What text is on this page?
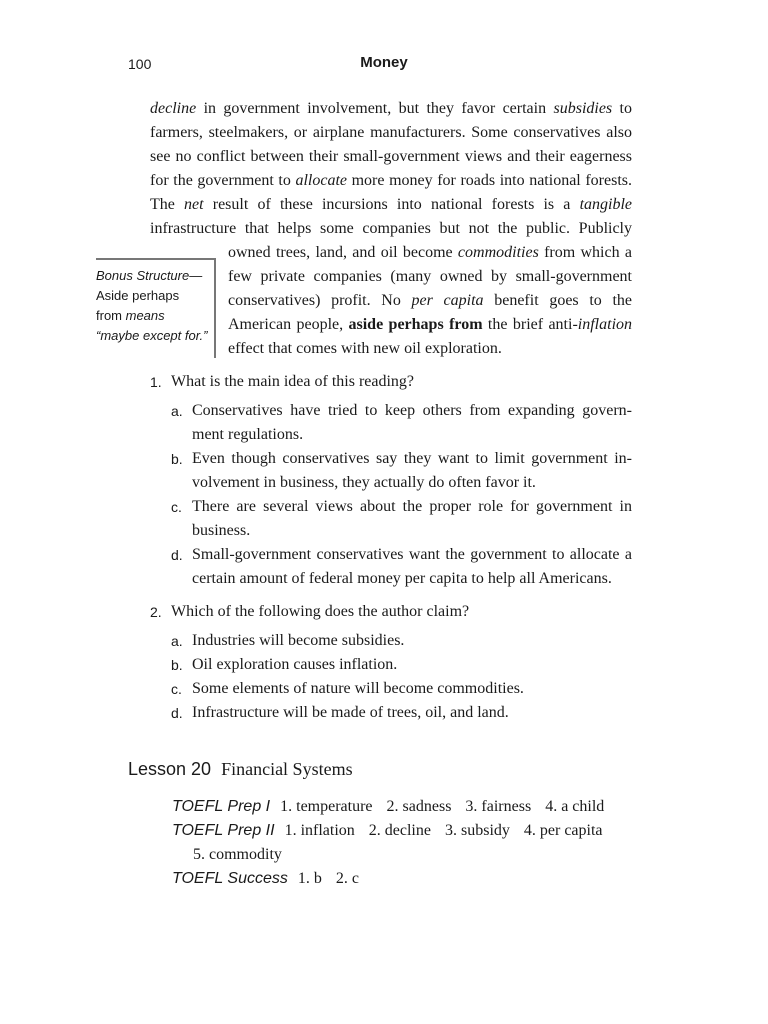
100	Money
decline in government involvement, but they favor certain subsidies to
farmers, steelmakers, or airplane manufacturers. Some conservatives also
see no conflict between their small-government views and their eagerness
for the government to allocate more money for roads into national forests.
The net result of these incursions into national forests is a tangible
infrastructure that helps some companies but not the public. Publicly
owned trees, land, and oil become commodities from which a
few private companies (many owned by small-government
conservatives) profit. No per capita benefit goes to the
American people, aside perhaps from the brief anti-inflation
effect that comes with new oil exploration.
Bonus Structure—
Aside perhaps
from means
“maybe except for.”
1. What is the main idea of this reading?
a. Conservatives have tried to keep others from expanding govern-ment regulations.
b. Even though conservatives say they want to limit government in-volvement in business, they actually do often favor it.
c. There are several views about the proper role for government in business.
d. Small-government conservatives want the government to allocate a certain amount of federal money per capita to help all Americans.
2. Which of the following does the author claim?
a. Industries will become subsidies.
b. Oil exploration causes inflation.
c. Some elements of nature will become commodities.
d. Infrastructure will be made of trees, oil, and land.
Lesson 20 Financial Systems
TOEFL Prep I 1. temperature 2. sadness 3. fairness 4. a child
TOEFL Prep II 1. inflation 2. decline 3. subsidy 4. per capita
5. commodity
TOEFL Success 1. b 2. c
